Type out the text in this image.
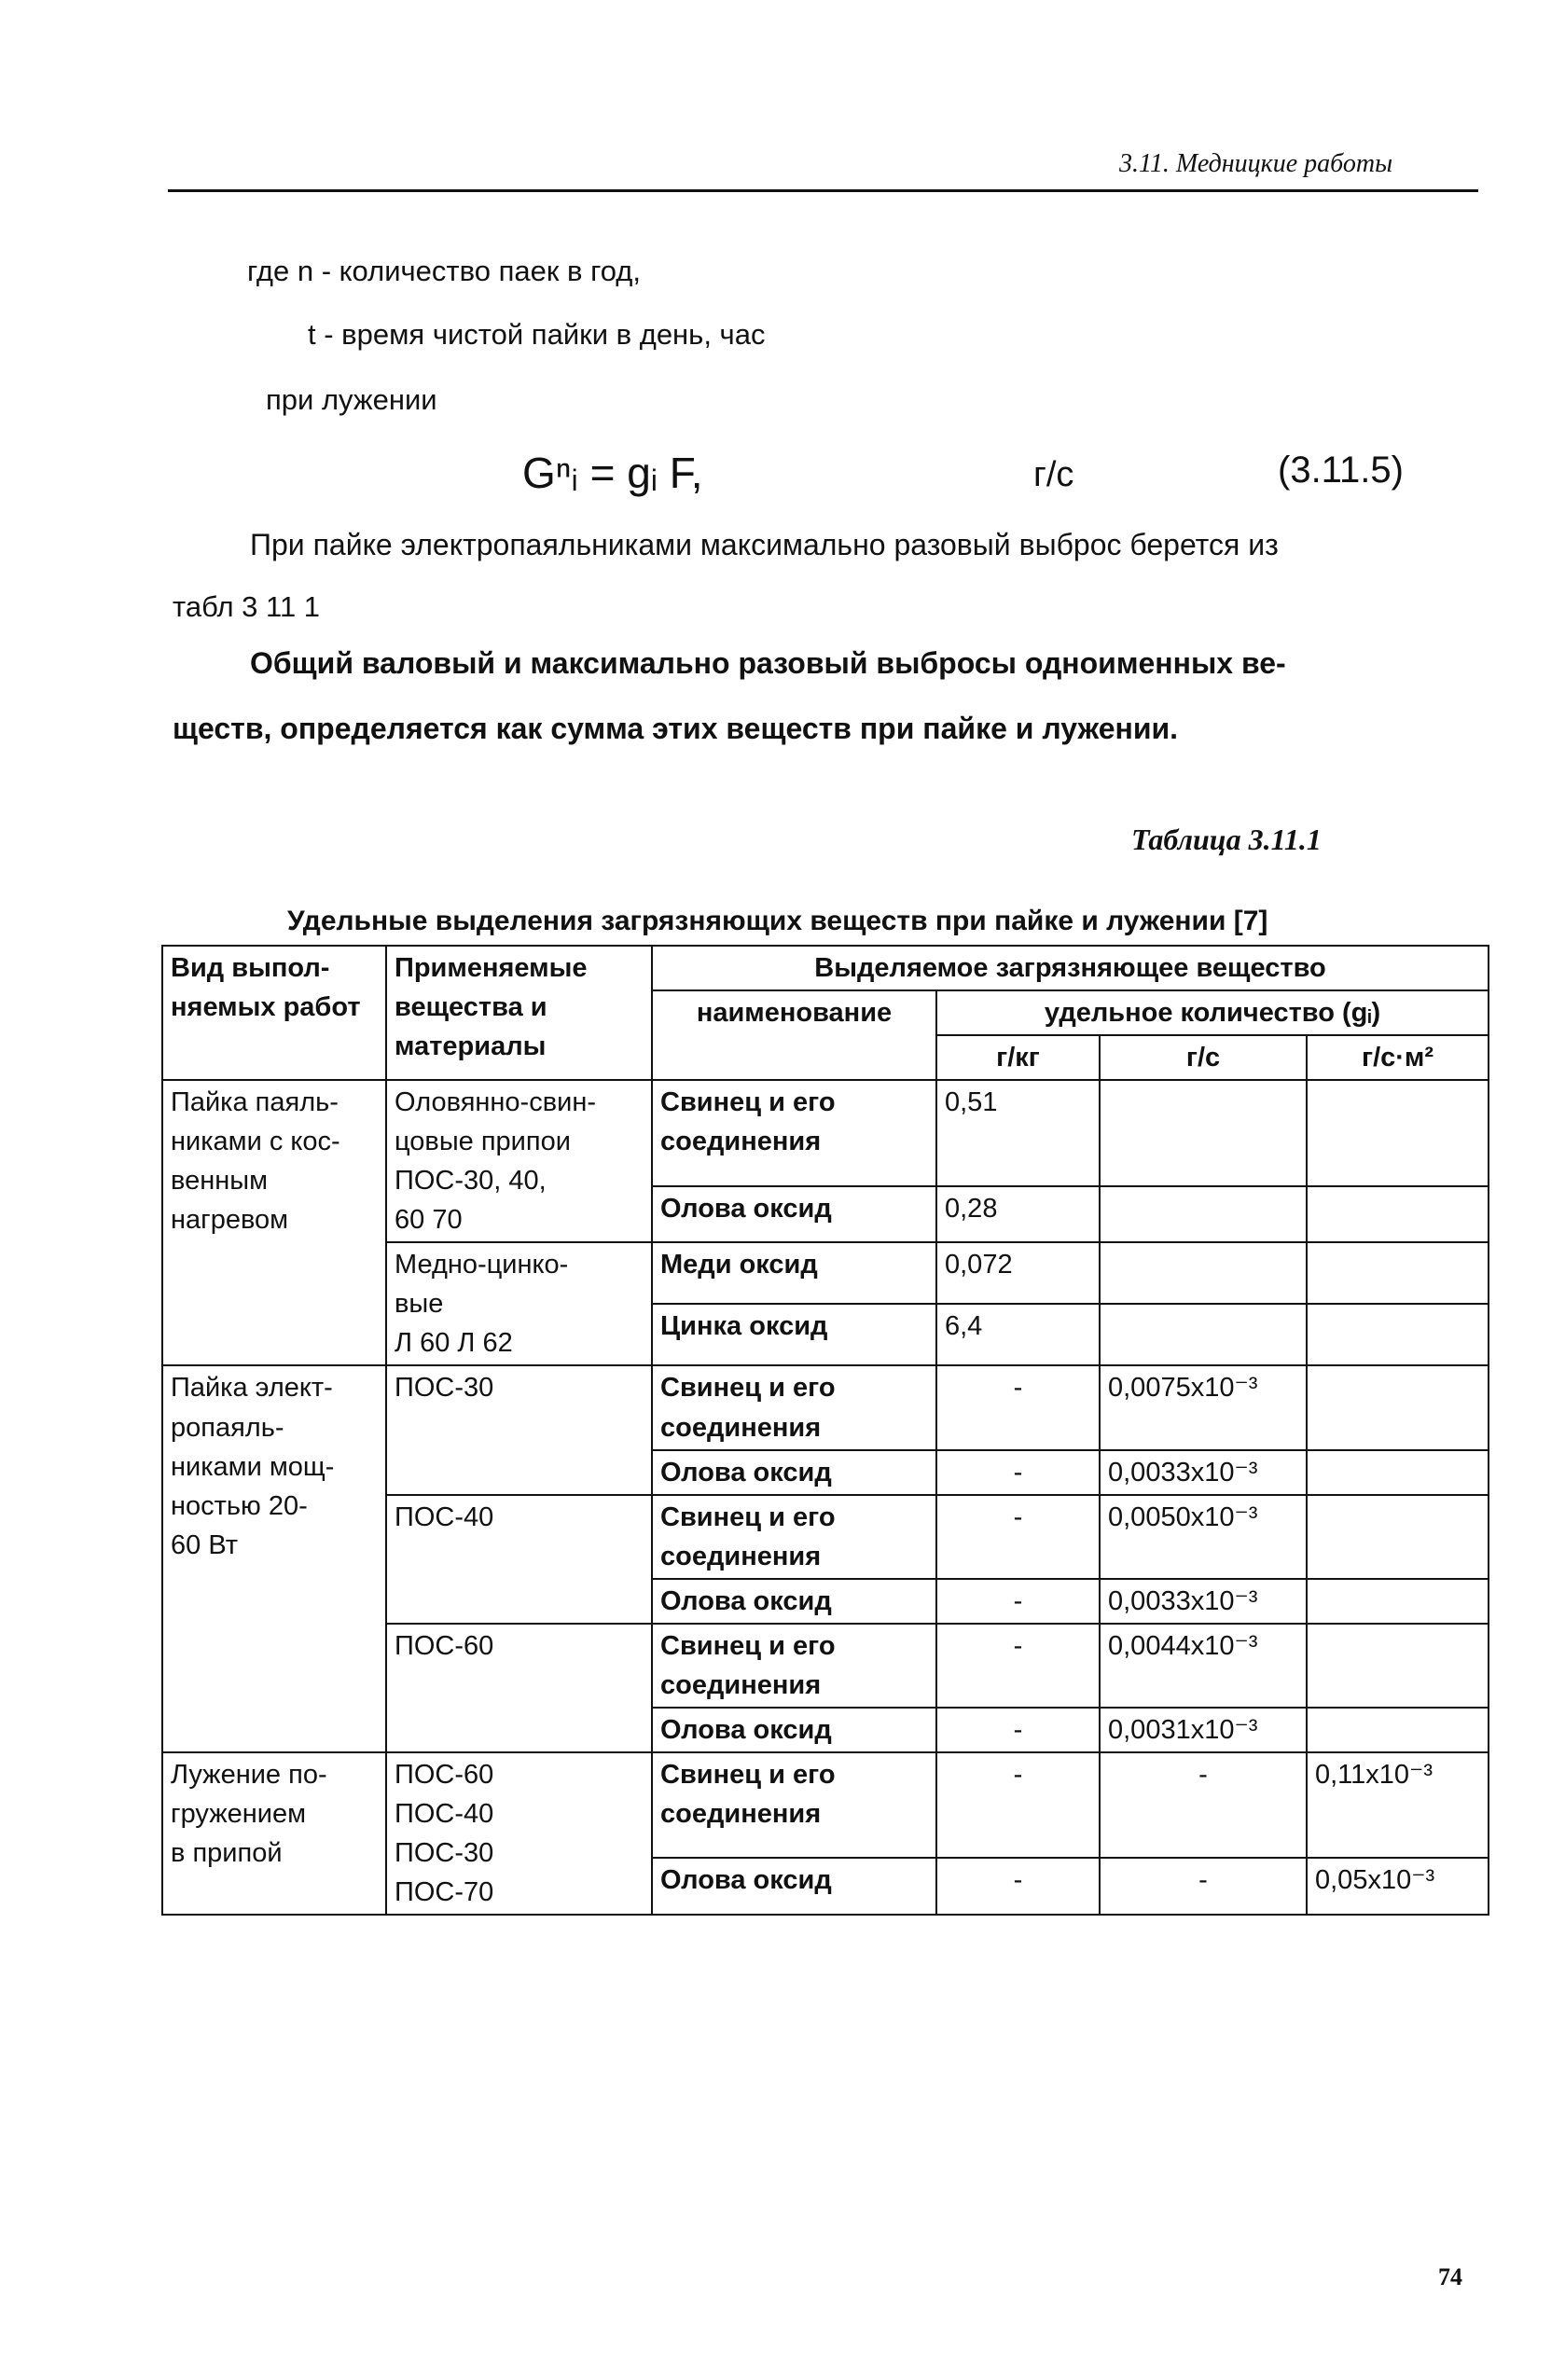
3.11. Медницкие работы
где n - количество паек в год,
t - время чистой пайки в день, час
при лужении
Gⁿᵢ = gᵢ F,	г/с	(3.11.5)
При пайке электропаяльниками максимально разовый выброс берется из
табл 3 11 1
Общий валовый и максимально разовый выбросы одноименных ве-
ществ, определяется как сумма этих веществ при пайке и лужении.
Таблица 3.11.1
Удельные выделения загрязняющих веществ при пайке и лужении [7]
Вид выпол- няемых работ	Применяемые вещества и материалы	Выделяемое загрязняющее вещество			
		наименование	удельное количество (gᵢ)		
			г/кг	г/с	г/с·м²

Пайка паяль-
никами с кос-
венным
нагревом	Оловянно-свин-
цовые припои
ПОС-30, 40,
60 70	Свинец и его
соединения	0,51		

		Олова оксид	0,28		

	Медно-цинко-
вые
Л 60 Л 62	Меди оксид	0,072		

		Цинка оксид	6,4		

Пайка элект-
ропаяль-
никами мощ-
ностью 20-
60 Вт	ПОС-30	Свинец и его
соединения	-	0,0075x10⁻³	

		Олова оксид	-	0,0033x10⁻³	

	ПОС-40	Свинец и его
соединения	-	0,0050x10⁻³	

		Олова оксид	-	0,0033x10⁻³	

	ПОС-60	Свинец и его
соединения	-	0,0044x10⁻³	

		Олова оксид	-	0,0031x10⁻³	

Лужение по-
гружением
в припой	ПОС-60
ПОС-40
ПОС-30
ПОС-70	Свинец и его
соединения	-	-	0,11x10⁻³

		Олова оксид	-	-	0,05x10⁻³
74
